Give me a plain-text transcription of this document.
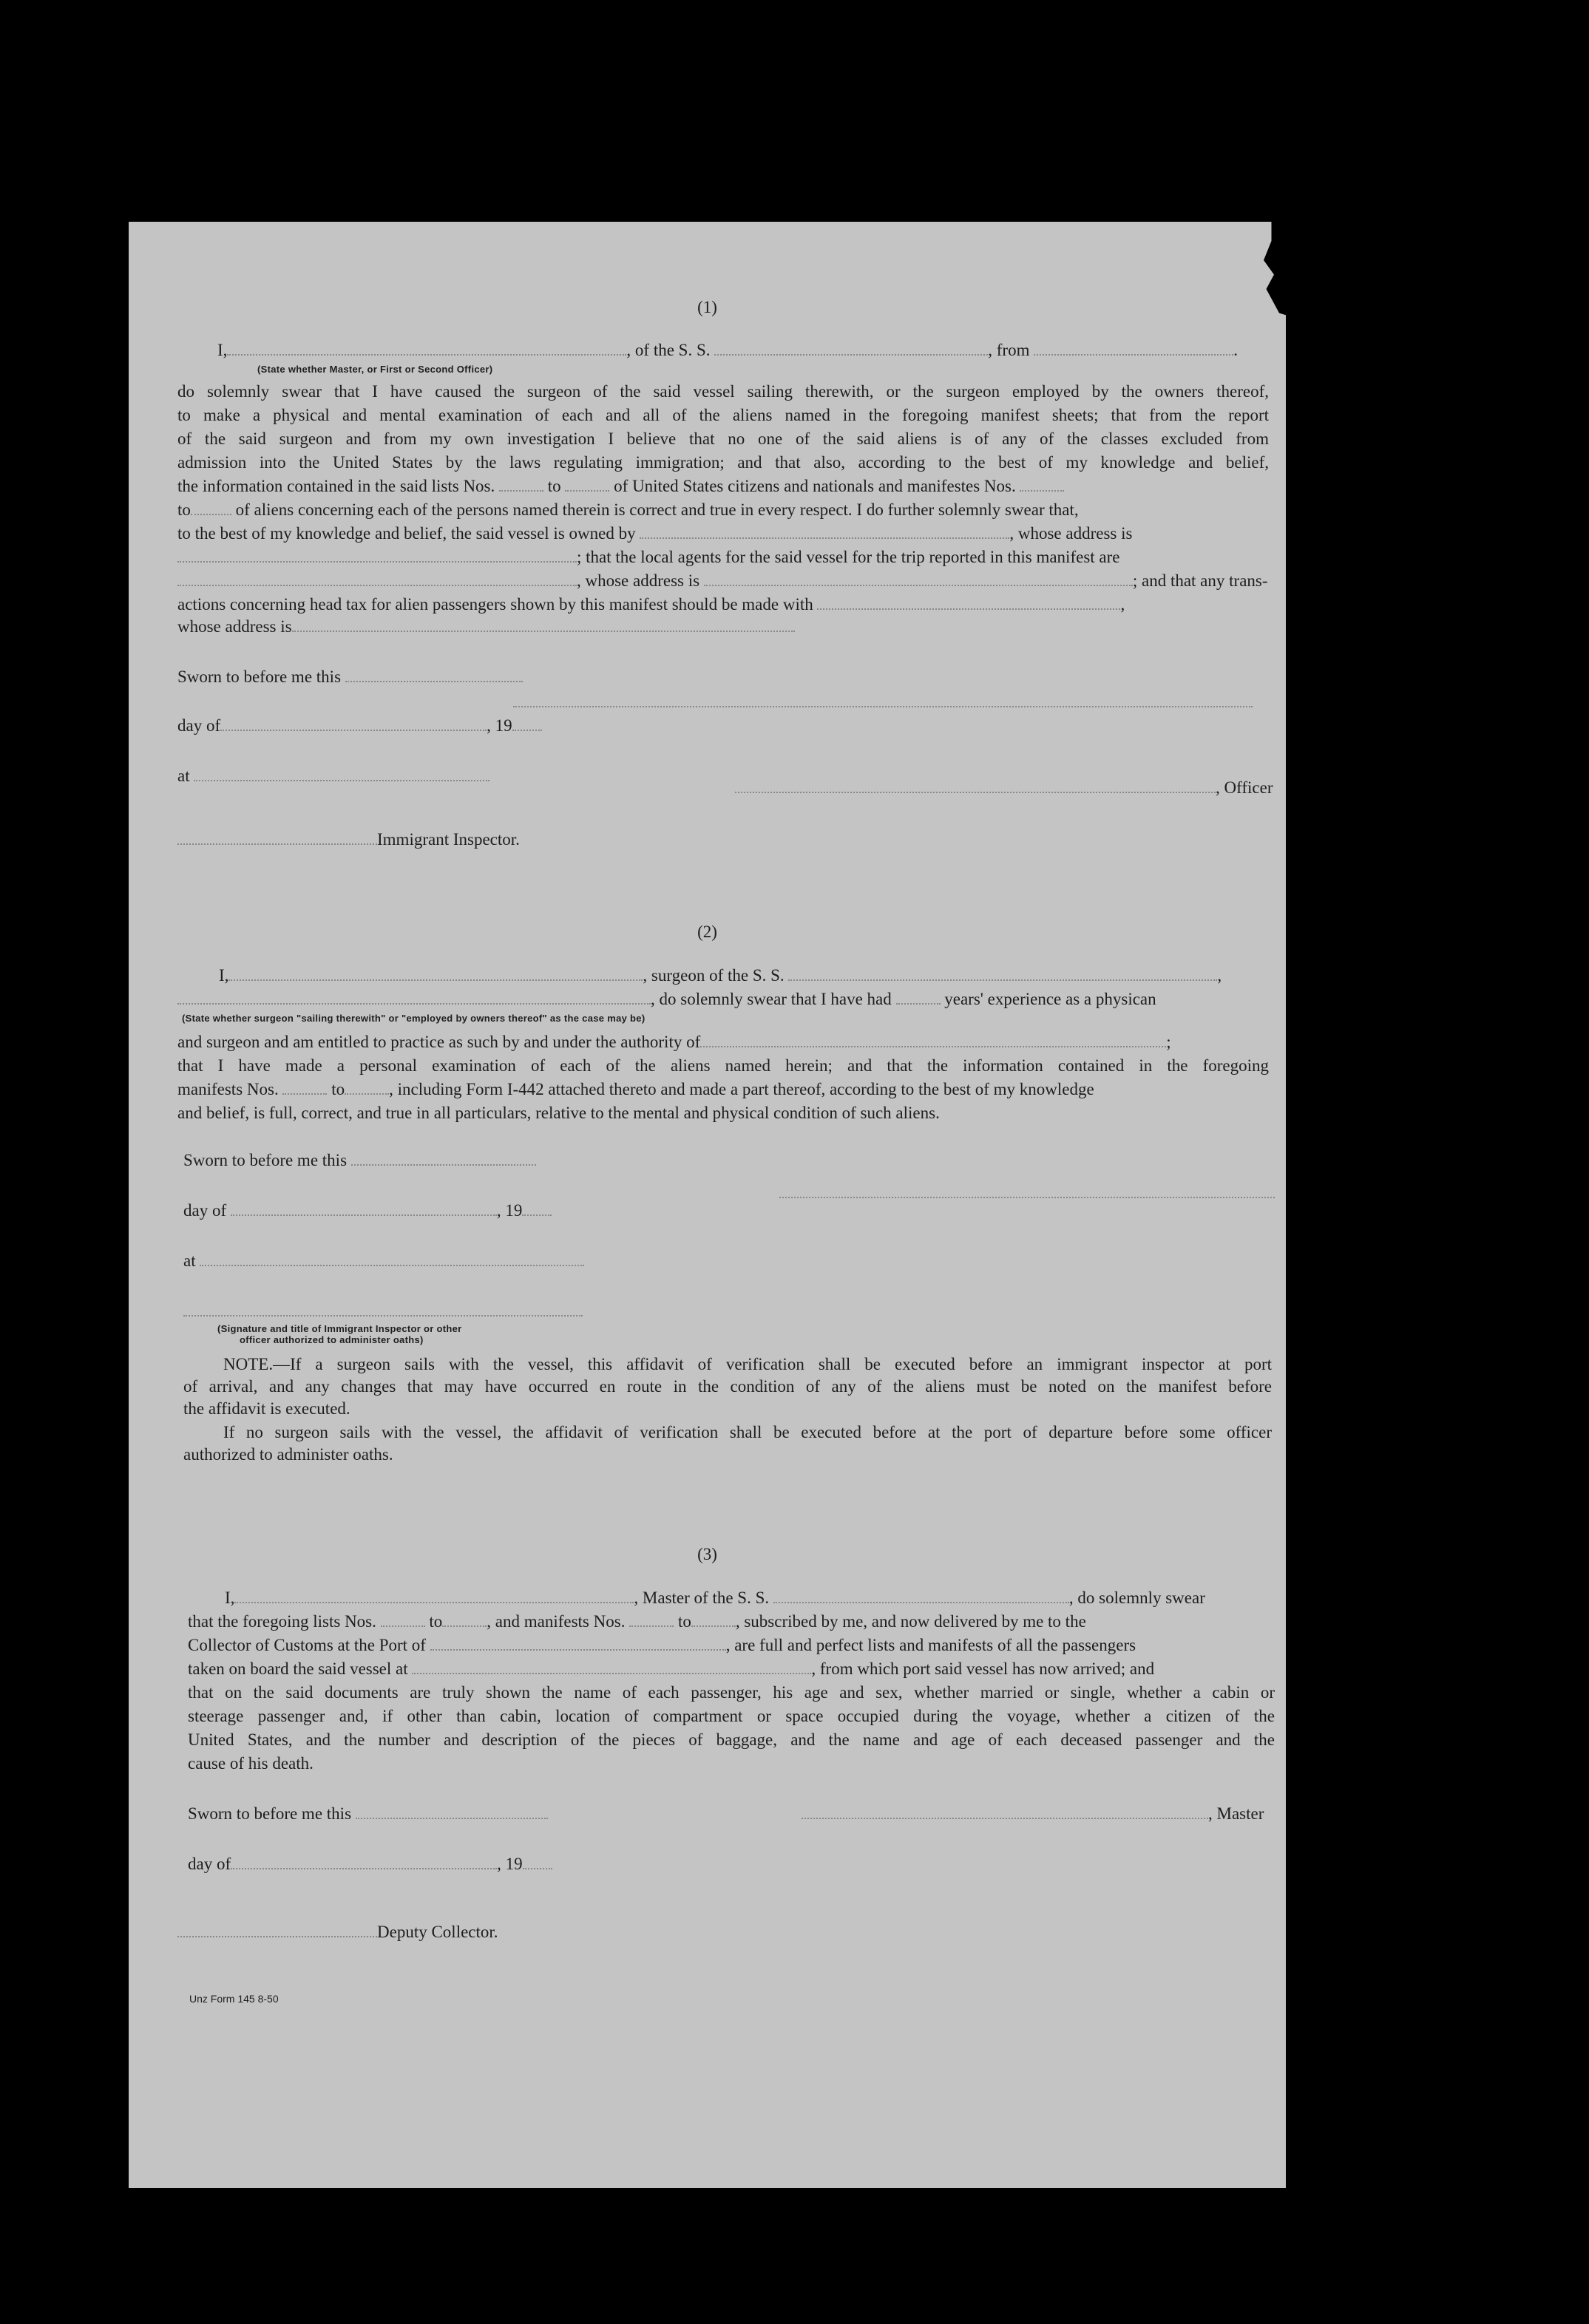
(1)
I,	, of the S. S.	, from	.
(State whether Master, or First or Second Officer)
do solemnly swear that I have caused the surgeon of the said vessel sailing therewith, or the surgeon employed by the owners thereof,
to make a physical and mental examination of each and all of the aliens named in the foregoing manifest sheets; that from the report
of the said surgeon and from my own investigation I believe that no one of the said aliens is of any of the classes excluded from
admission into the United States by the laws regulating immigration; and that also, according to the best of my knowledge and belief,
the information contained in the said lists Nos.	to	of United States citizens and nationals and manifestes Nos.
to	of aliens concerning each of the persons named therein is correct and true in every respect. I do further solemnly swear that,
to the best of my knowledge and belief, the said vessel is owned by	, whose address is
; that the local agents for the said vessel for the trip reported in this manifest are
, whose address is	; and that any trans-
actions concerning head tax for alien passengers shown by this manifest should be made with	,
whose address is
Sworn to before me this
day of	, 19
at
, Officer
Immigrant Inspector.
(2)
I,	, surgeon of the S. S.	,
, do solemnly swear that I have had	years' experience as a physican
(State whether surgeon "sailing therewith" or "employed by owners thereof" as the case may be)
and surgeon and am entitled to practice as such by and under the authority of	;
that I have made a personal examination of each of the aliens named herein; and that the information contained in the foregoing
manifests Nos.	to	, including Form I-442 attached thereto and made a part thereof, according to the best of my knowledge
and belief, is full, correct, and true in all particulars, relative to the mental and physical condition of such aliens.
Sworn to before me this
day of	, 19
at
(Signature and title of Immigrant Inspector or other
officer authorized to administer oaths)
NOTE.—If a surgeon sails with the vessel, this affidavit of verification shall be executed before an immigrant inspector at port
of arrival, and any changes that may have occurred en route in the condition of any of the aliens must be noted on the manifest before
the affidavit is executed.
If no surgeon sails with the vessel, the affidavit of verification shall be executed before at the port of departure before some officer
authorized to administer oaths.
(3)
I,	, Master of the S. S.	, do solemnly swear
that the foregoing lists Nos.	to	, and manifests Nos.	to	, subscribed by me, and now delivered by me to the
Collector of Customs at the Port of	, are full and perfect lists and manifests of all the passengers
taken on board the said vessel at	, from which port said vessel has now arrived; and
that on the said documents are truly shown the name of each passenger, his age and sex, whether married or single, whether a cabin or
steerage passenger and, if other than cabin, location of compartment or space occupied during the voyage, whether a citizen of the
United States, and the number and description of the pieces of baggage, and the name and age of each deceased passenger and the
cause of his death.
Sworn to before me this	, Master
day of	, 19
Deputy Collector.
Unz Form 145 8-50
